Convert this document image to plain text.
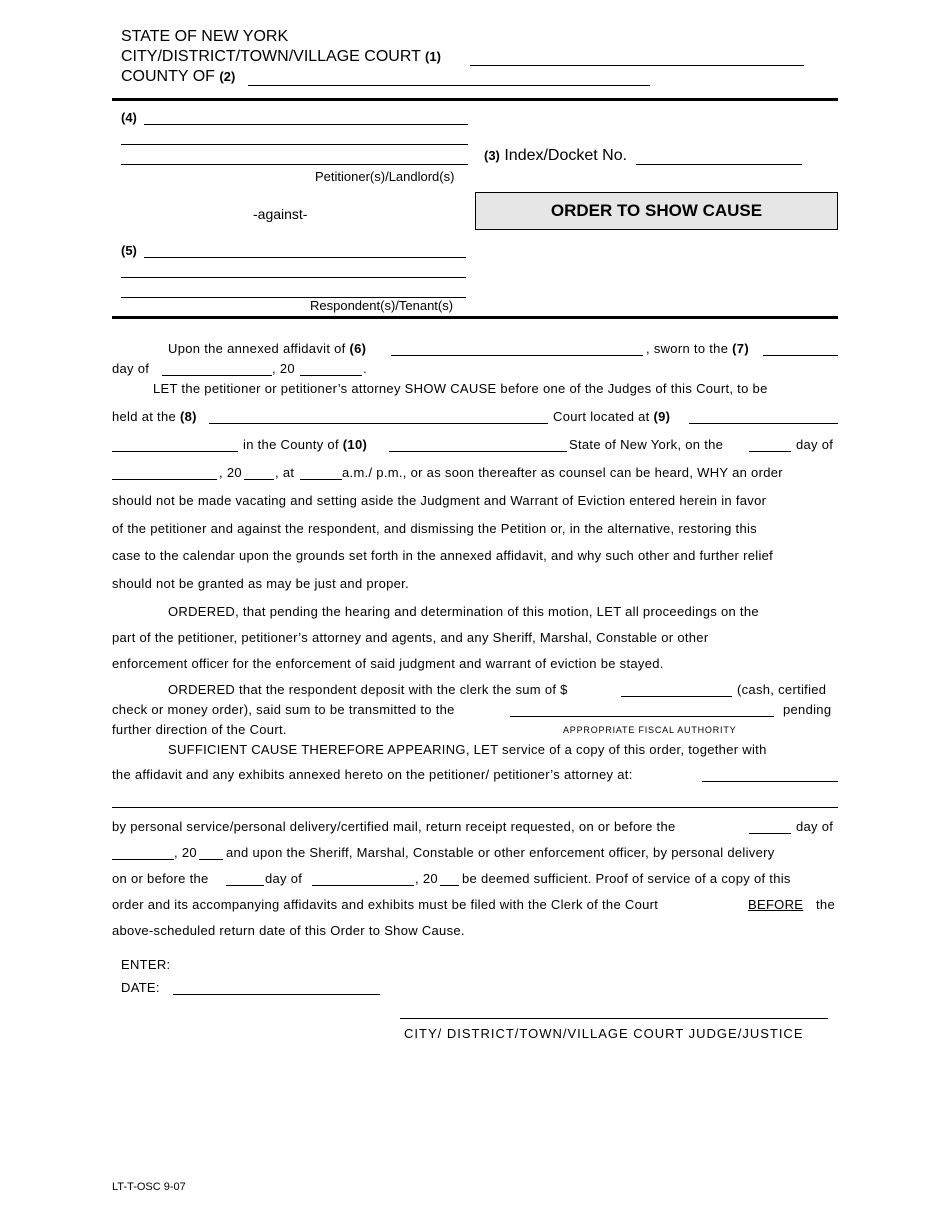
STATE OF NEW YORK
CITY/DISTRICT/TOWN/VILLAGE COURT (1)
COUNTY OF (2)
(4)
Petitioner(s)/Landlord(s)
-against-
(5)
Respondent(s)/Tenant(s)
(3) Index/Docket No.
ORDER TO SHOW CAUSE
Upon the annexed affidavit of (6)	, sworn to the (7)
day of	, 20	.
LET the petitioner or petitioner’s attorney SHOW CAUSE before one of the Judges of this Court, to be
held at the (8)	Court located at (9)
in the County of (10)	State of New York, on the	day of
, 20	, at	a.m./ p.m., or as soon thereafter as counsel can be heard, WHY an order
should not be made vacating and setting aside the Judgment and Warrant of Eviction entered herein in favor
of the petitioner and against the respondent, and dismissing the Petition or, in the alternative, restoring this
case to the calendar upon the grounds set forth in the annexed affidavit, and why such other and further relief
should not be granted as may be just and proper.
ORDERED, that pending the hearing and determination of this motion, LET all proceedings on the
part of the petitioner, petitioner’s attorney and agents, and any Sheriff, Marshal, Constable or other
enforcement officer for the enforcement of said judgment and warrant of eviction be stayed.
ORDERED that the respondent deposit with the clerk the sum of $	(cash, certified
check or money order), said sum to be transmitted to the	pending
further direction of the Court.	APPROPRIATE FISCAL AUTHORITY
SUFFICIENT CAUSE THEREFORE APPEARING, LET service of a copy of this order, together with
the affidavit and any exhibits annexed hereto on the petitioner/ petitioner’s attorney at:
by personal service/personal delivery/certified mail, return receipt requested, on or before the	day of
, 20 and upon the Sheriff, Marshal, Constable or other enforcement officer, by personal delivery
on or before the	day of	, 20 be deemed sufficient. Proof of service of a copy of this
order and its accompanying affidavits and exhibits must be filed with the Clerk of the Court	BEFORE the
above-scheduled return date of this Order to Show Cause.
ENTER:
DATE:
CITY/ DISTRICT/TOWN/VILLAGE COURT JUDGE/JUSTICE
LT-T-OSC 9-07
